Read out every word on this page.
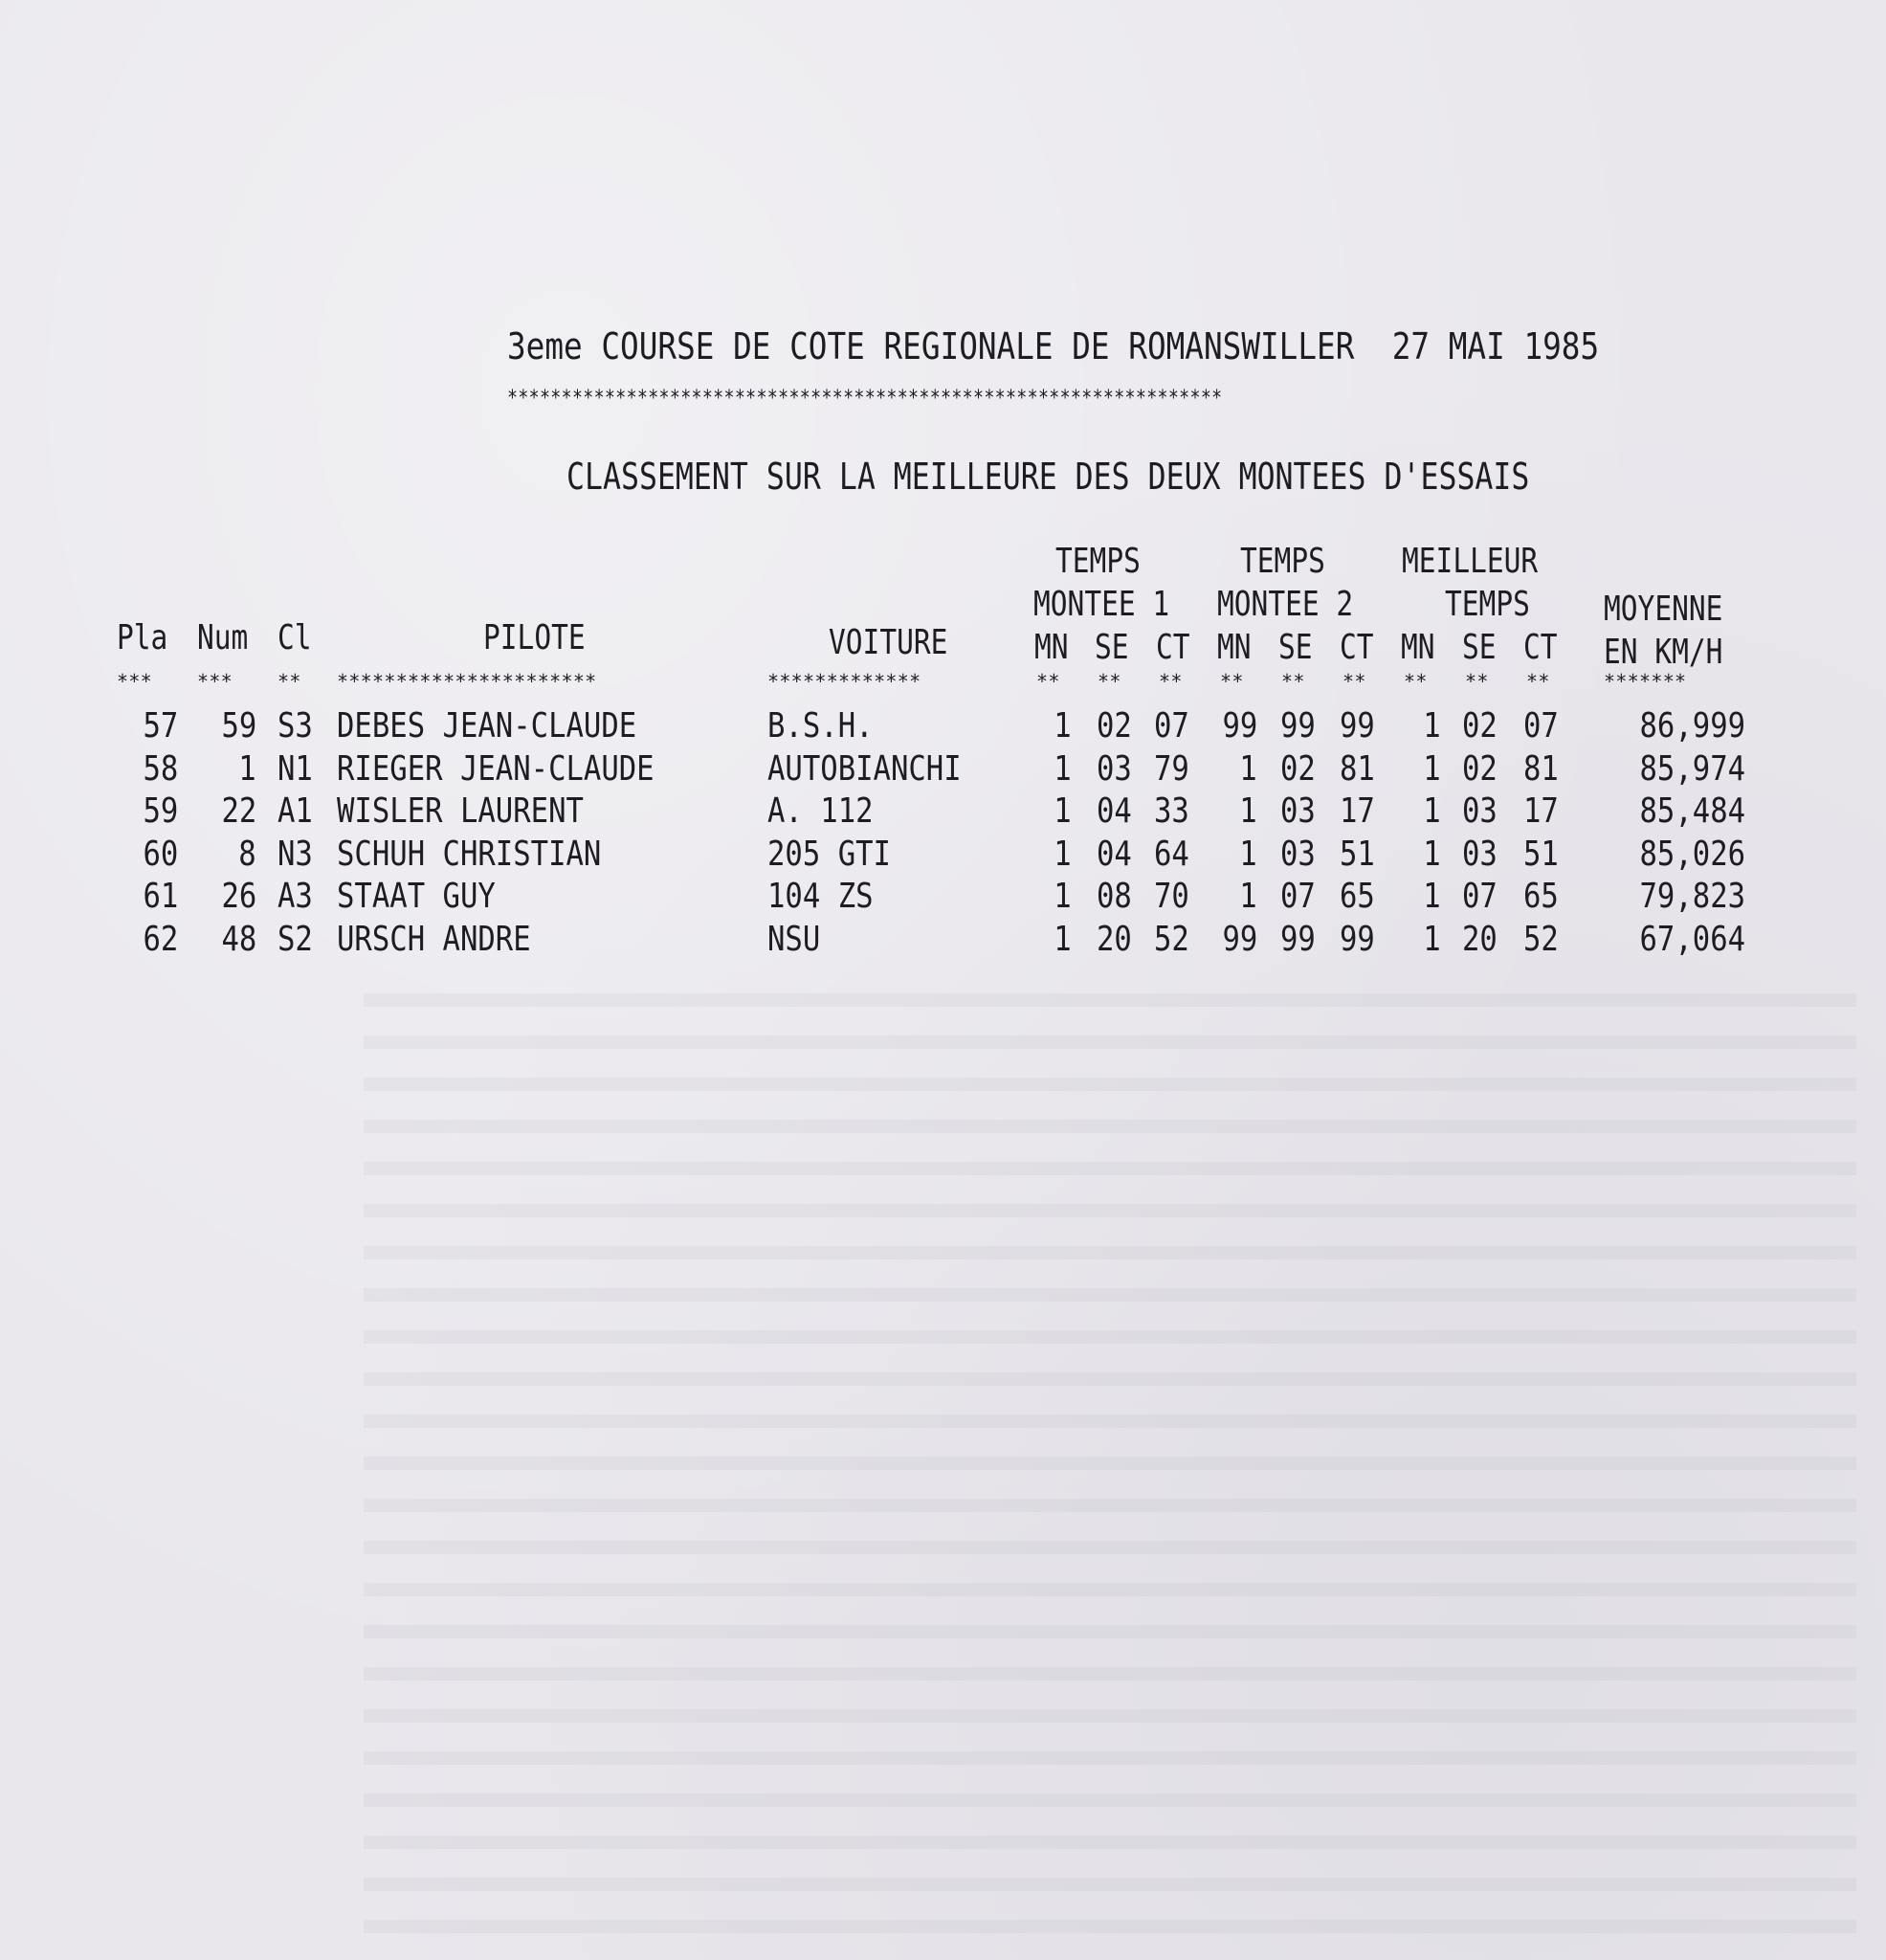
3eme COURSE DE COTE REGIONALE DE ROMANSWILLER  27 MAI 1985
******************************************************************
CLASSEMENT SUR LA MEILLEURE DES DEUX MONTEES D'ESSAIS
TEMPS	TEMPS MEILLEUR
MONTEE 1 MONTEE 2	TEMPS MOYENNE
Pla Num Cl	PILOTE	VOITURE	MN SE CT MN SE CT MN SE CT EN KM/H
*** *** ** **********************	*************	** ** ** ** ** ** ** ** **	*******
57 59 S3 DEBES JEAN-CLAUDE	B.S.H.	1 02 07 99 99 99 1 02 07 86,999
58 1 N1 RIEGER JEAN-CLAUDE	AUTOBIANCHI	1 03 79 1 02 81 1 02 81 85,974
59 22 A1 WISLER LAURENT	A. 112	1 04 33 1 03 17 1 03 17 85,484
60 8 N3 SCHUH CHRISTIAN	205 GTI	1 04 64 1 03 51 1 03 51 85,026
61 26 A3 STAAT GUY	104 ZS	1 08 70 1 07 65 1 07 65 79,823
62 48 S2 URSCH ANDRE	NSU	1 20 52 99 99 99 1 20 52 67,064
